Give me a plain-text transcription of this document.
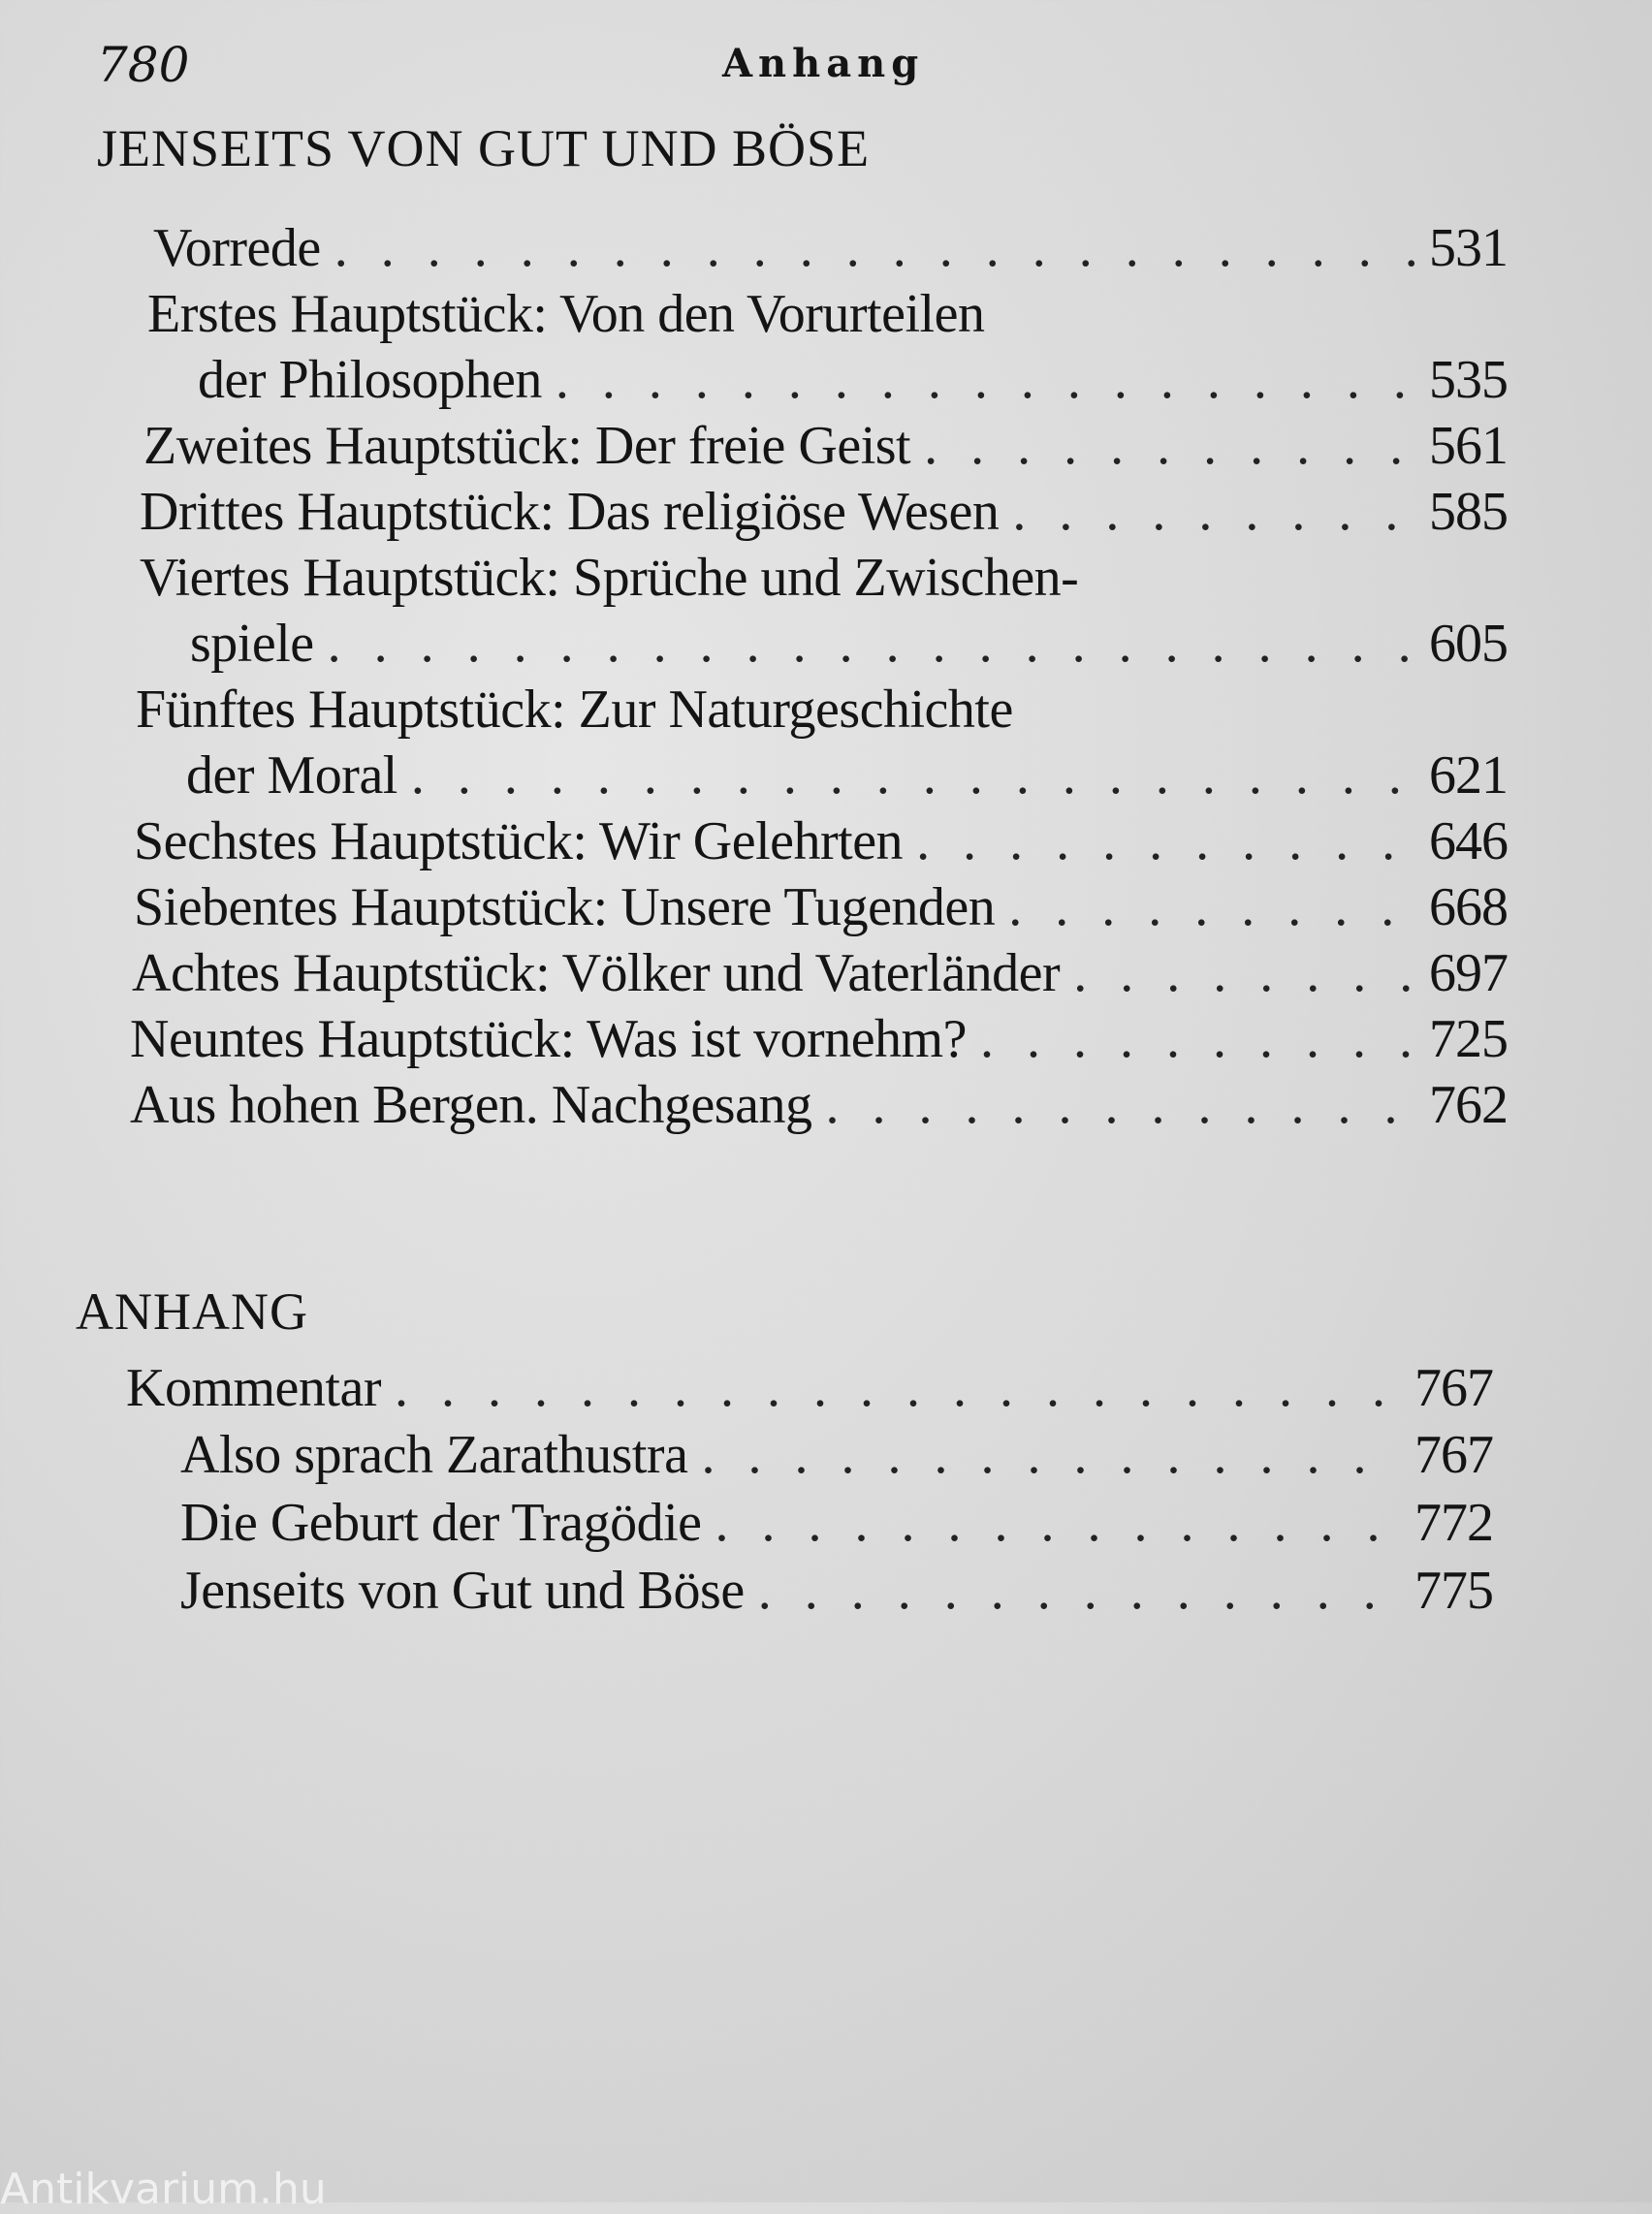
780	Anhang
JENSEITS VON GUT UND BÖSE
Vorrede . . .	531
Erstes Hauptstück: Von den Vorurteilen
der Philosophen . . .	535
Zweites Hauptstück: Der freie Geist . . .	561
Drittes Hauptstück: Das religiöse Wesen . . .	585
Viertes Hauptstück: Sprüche und Zwischen-
spiele . . .	605
Fünftes Hauptstück: Zur Naturgeschichte
der Moral . . .	621
Sechstes Hauptstück: Wir Gelehrten . . .	646
Siebentes Hauptstück: Unsere Tugenden . . .	668
Achtes Hauptstück: Völker und Vaterländer . . .	697
Neuntes Hauptstück: Was ist vornehm? . . .	725
Aus hohen Bergen. Nachgesang . . .	762
ANHANG
Kommentar . . .	767
Also sprach Zarathustra . . .	767
Die Geburt der Tragödie . . .	772
Jenseits von Gut und Böse . . .	775
Antikvarium.hu
